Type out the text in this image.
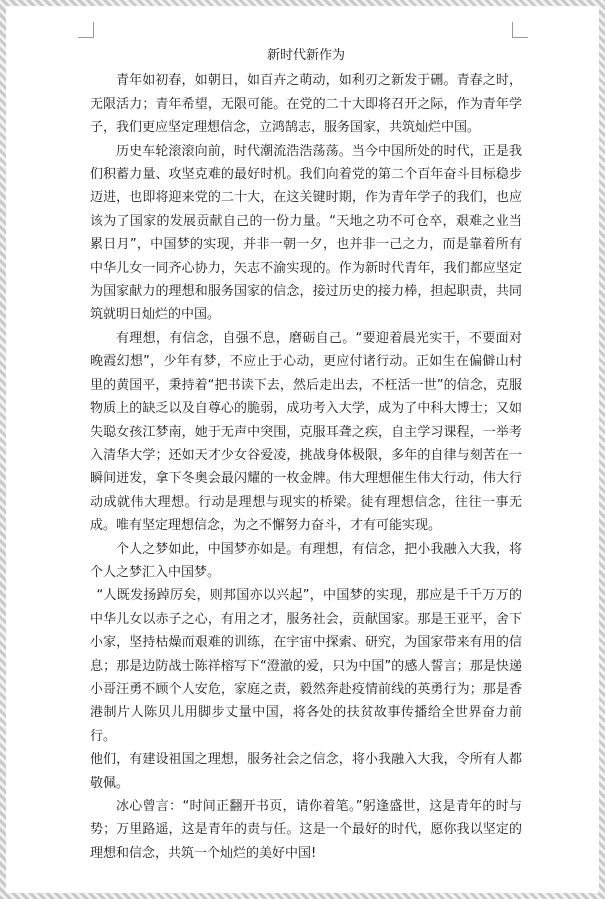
新时代新作为

青年如初春，如朝日，如百卉之萌动，如利刃之新发于硎。青春之时，无限活力；青年希望，无限可能。在党的二十大即将召开之际，作为青年学子，我们更应坚定理想信念，立鸿鹄志，服务国家，共筑灿烂中国。

历史车轮滚滚向前，时代潮流浩浩荡荡。当今中国所处的时代，正是我们积蓄力量、攻坚克难的最好时机。我们向着党的第二个百年奋斗目标稳步迈进，也即将迎来党的二十大，在这关键时期，作为青年学子的我们，也应该为了国家的发展贡献自己的一份力量。“天地之功不可仓卒，艰难之业当累日月”，中国梦的实现，并非一朝一夕，也并非一己之力，而是靠着所有中华儿女一同齐心协力，矢志不渝实现的。作为新时代青年，我们都应坚定为国家献力的理想和服务国家的信念，接过历史的接力棒，担起职责，共同筑就明日灿烂的中国。

有理想，有信念，自强不息，磨砺自己。“要迎着晨光实干，不要面对晚霞幻想”，少年有梦，不应止于心动，更应付诸行动。正如生在偏僻山村里的黄国平，秉持着“把书读下去，然后走出去，不枉活一世”的信念，克服物质上的缺乏以及自尊心的脆弱，成功考入大学，成为了中科大博士；又如失聪女孩江梦南，她于无声中突围，克服耳聋之疾，自主学习课程，一举考入清华大学；还如天才少女谷爱凌，挑战身体极限，多年的自律与刻苦在一瞬间迸发，拿下冬奥会最闪耀的一枚金牌。伟大理想催生伟大行动，伟大行动成就伟大理想。行动是理想与现实的桥梁。徒有理想信念，往往一事无成。唯有坚定理想信念，为之不懈努力奋斗，才有可能实现。

个人之梦如此，中国梦亦如是。有理想，有信念，把小我融入大我，将个人之梦汇入中国梦。

“人既发扬踔厉矣，则邦国亦以兴起”，中国梦的实现，那应是千千万万的中华儿女以赤子之心，有用之才，服务社会，贡献国家。那是王亚平，舍下小家，坚持枯燥而艰难的训练，在宇宙中探索、研究，为国家带来有用的信息；那是边防战士陈祥榕写下“澄澈的爱，只为中国”的感人誓言；那是快递小哥汪勇不顾个人安危，家庭之责，毅然奔赴疫情前线的英勇行为；那是香港制片人陈贝儿用脚步丈量中国，将各处的扶贫故事传播给全世界奋力前行。

他们，有建设祖国之理想，服务社会之信念，将小我融入大我，令所有人都敬佩。

冰心曾言：“时间正翻开书页，请你着笔。”躬逢盛世，这是青年的时与势；万里路遥，这是青年的责与任。这是一个最好的时代，愿你我以坚定的理想和信念，共筑一个灿烂的美好中国!
